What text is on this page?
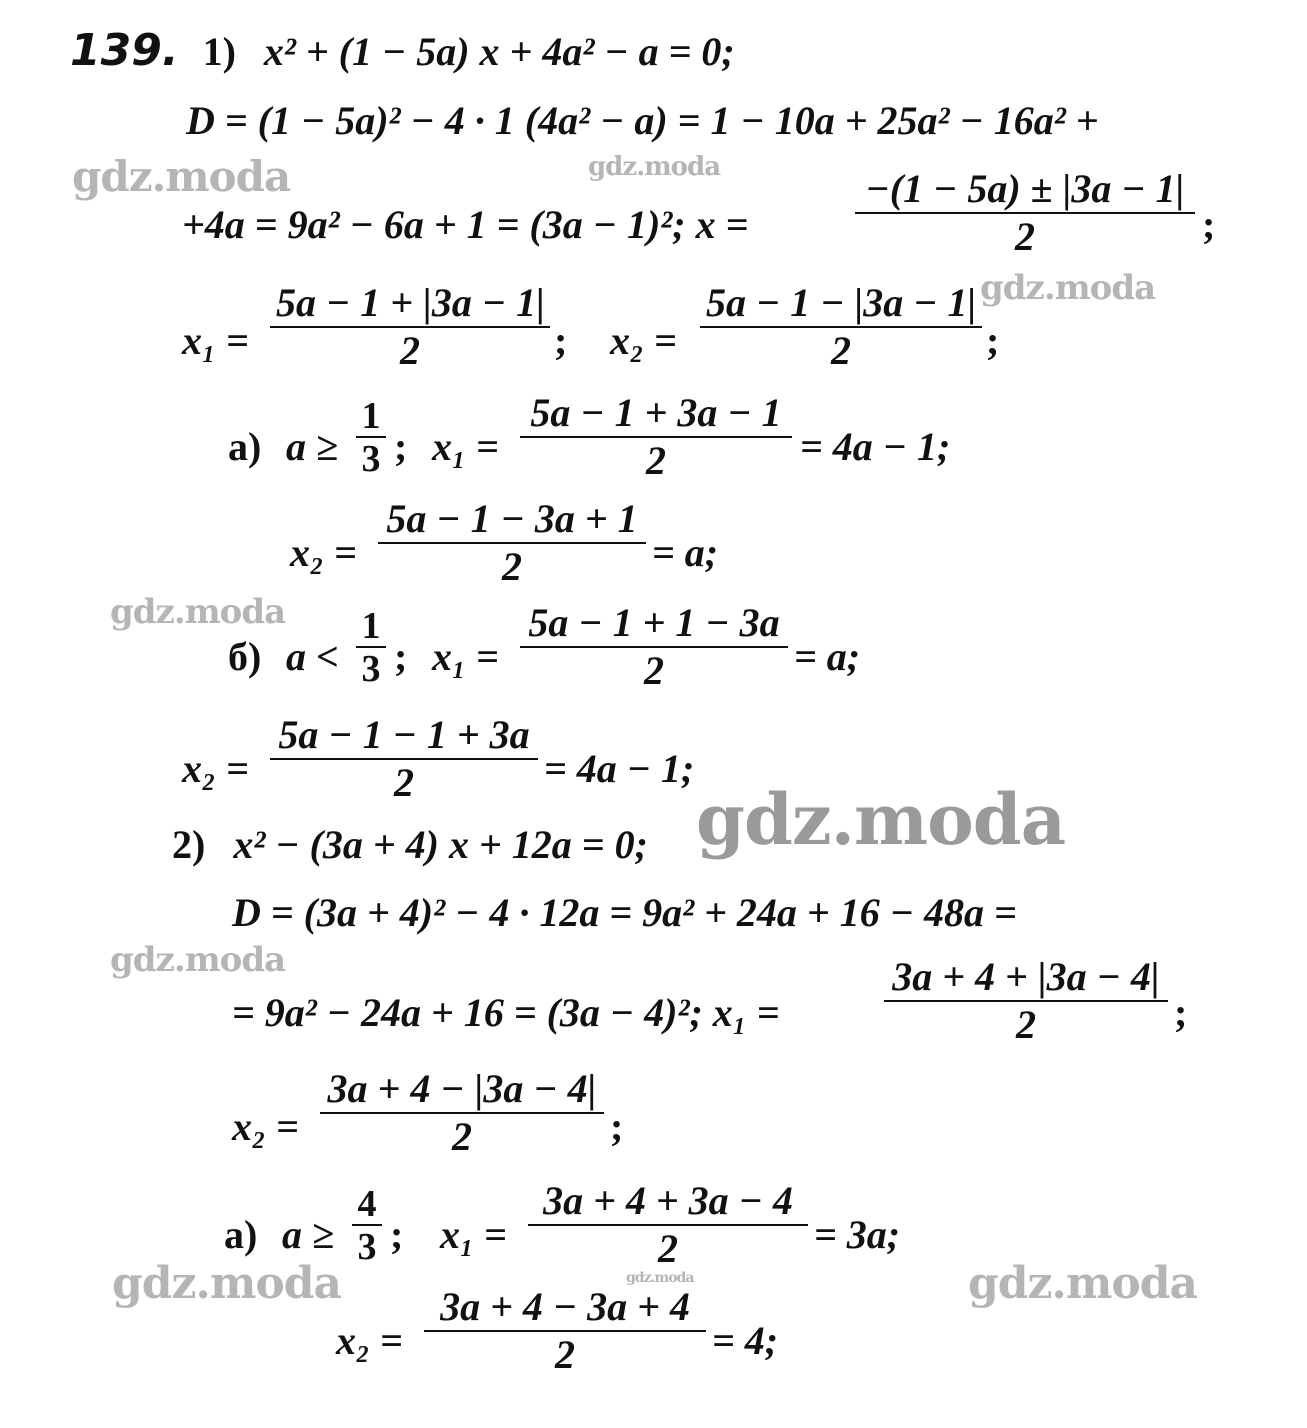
gdz.moda	gdz.moda
gdz.moda
gdz.moda
gdz.moda
gdz.moda
gdz.moda	gdz.moda	gdz.moda
139. 1) x² + (1 − 5a) x + 4a² − a = 0;
D = (1 − 5a)² − 4 · 1 (4a² − a) = 1 − 10a + 25a² − 16a² +
+4a = 9a² − 6a + 1 = (3a − 1)²; x =	$\frac{-(1 - 5a) \pm |3a - 1|}{2}$ ;
$x_1 = \frac{5a - 1 + |3a - 1|}{2}$ ; $x_2 = \frac{5a - 1 - |3a - 1|}{2}$ ;
а) $a \ge \frac{1}{3}$ ; $x_1 = \frac{5a - 1 + 3a - 1}{2} = 4a - 1$;
$x_2 = \frac{5a - 1 - 3a + 1}{2} = a$;
б) $a < \frac{1}{3}$ ; $x_1 = \frac{5a - 1 + 1 - 3a}{2} = a$;
$x_2 = \frac{5a - 1 - 1 + 3a}{2} = 4a - 1$;
2) x² − (3a + 4) x + 12a = 0;
D = (3a + 4)² − 4 · 12a = 9a² + 24a + 16 − 48a =
= 9a² − 24a + 16 = (3a − 4)²; x₁ =	$\frac{3a + 4 + |3a - 4|}{2}$ ;
$x_2 = \frac{3a + 4 - |3a - 4|}{2}$ ;
а) $a \ge \frac{4}{3}$ ; $x_1 = \frac{3a + 4 + 3a - 4}{2} = 3a$;
$x_2 = \frac{3a + 4 - 3a + 4}{2} = 4$;
